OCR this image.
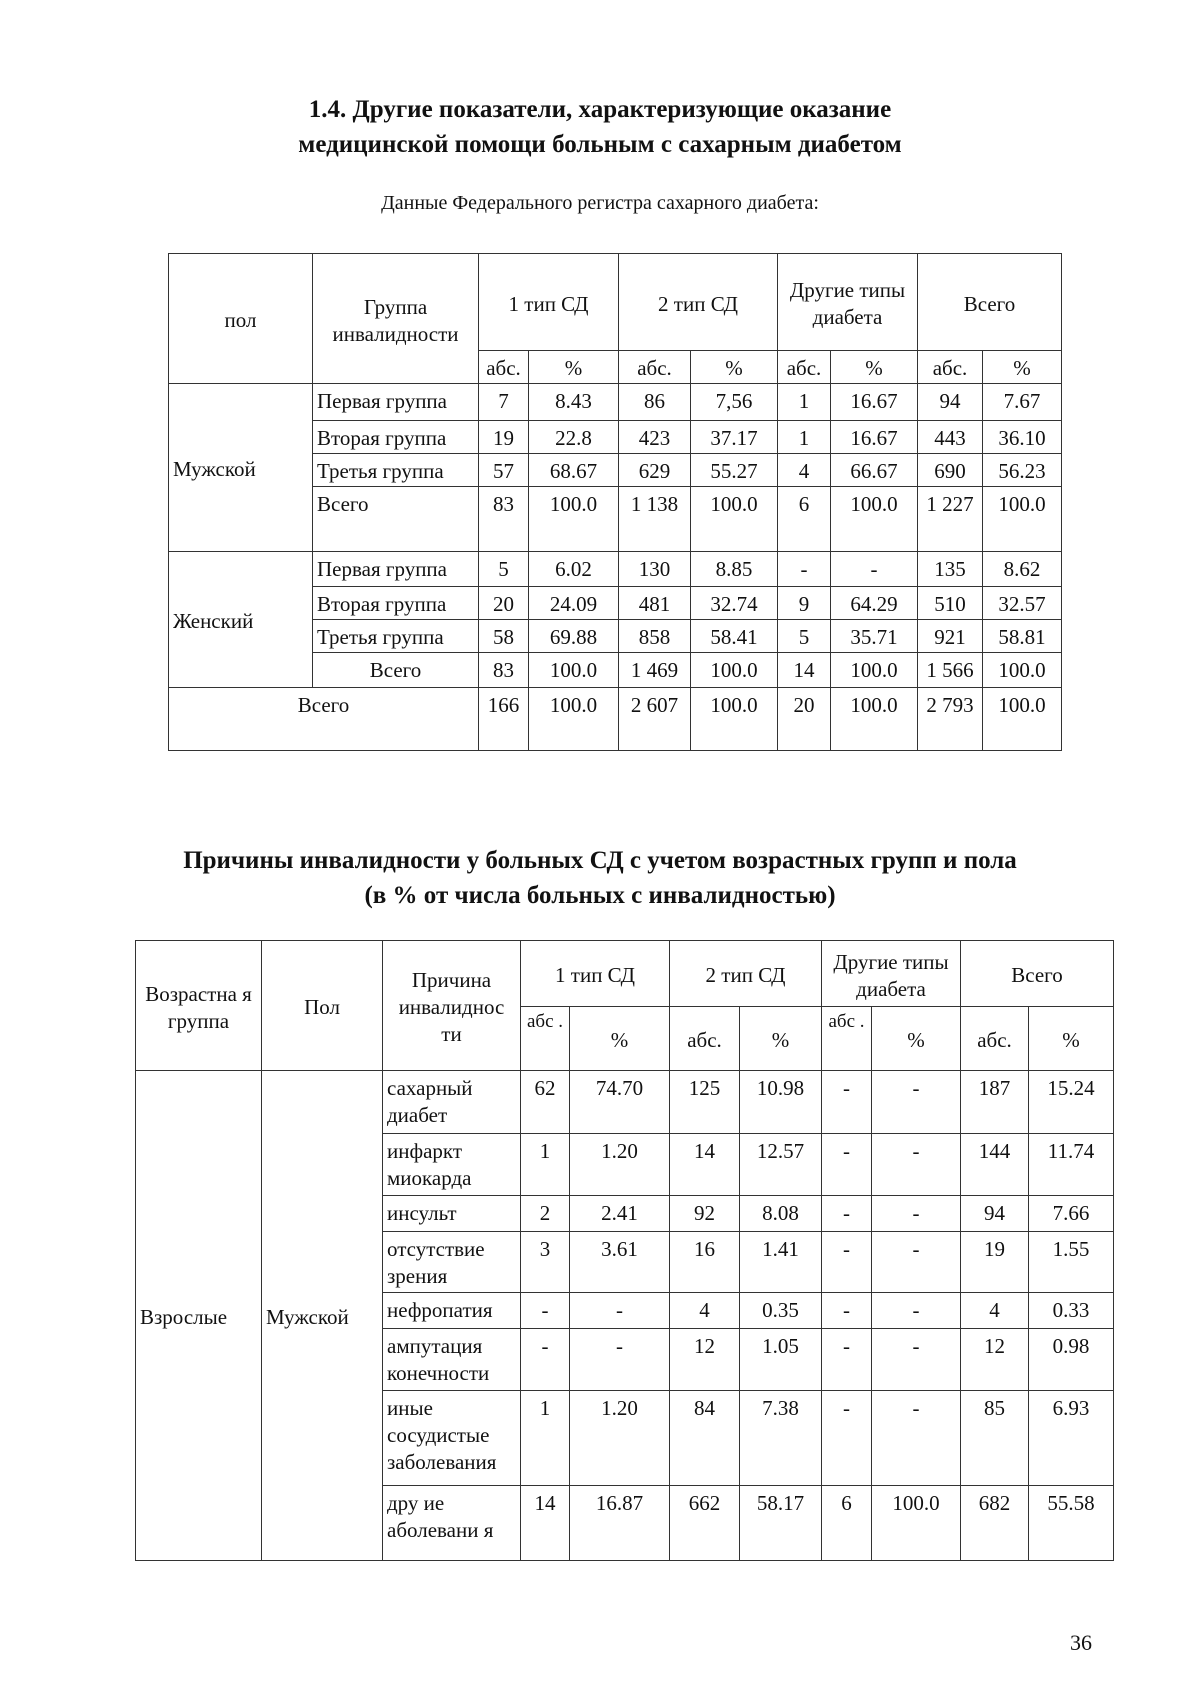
1.4. Другие показатели, характеризующие оказание
медицинской помощи больным с сахарным диабетом

Данные Федерального регистра сахарного диабета:

пол	Группа инвалидности	1 тип СД		2 тип СД		Другие типы диабета		Всего	
		абс.	%	абс.	%	абс.	%	абс.	%
Мужской	Первая группа	7	8.43	86	7,56	1	16.67	94	7.67
	Вторая группа	19	22.8	423	37.17	1	16.67	443	36.10
	Третья группа	57	68.67	629	55.27	4	66.67	690	56.23
	Всего	83	100.0	1 138	100.0	6	100.0	1 227	100.0
Женский	Первая группа	5	6.02	130	8.85	-	-	135	8.62
	Вторая группа	20	24.09	481	32.74	9	64.29	510	32.57
	Третья группа	58	69.88	858	58.41	5	35.71	921	58.81
	Всего	83	100.0	1 469	100.0	14	100.0	1 566	100.0
Всего		166	100.0	2 607	100.0	20	100.0	2 793	100.0
Причины инвалидности у больных СД с учетом возрастных групп и пола
(в % от числа больных с инвалидностью)
Возрастна я группа	Пол	Причина инвалиднос ти	1 тип СД		2 тип СД		Другие типы диабета		Всего	
			абс .	%	абс.	%	абс .	%	абс.	%
Взрослые	Мужской	сахарный диабет	62	74.70	125	10.98	-	-	187	15.24
		инфаркт миокарда	1	1.20	14	12.57	-	-	144	11.74
		инсульт	2	2.41	92	8.08	-	-	94	7.66
		отсутствие зрения	3	3.61	16	1.41	-	-	19	1.55
		нефропатия	-	-	4	0.35	-	-	4	0.33
		ампутация конечности	-	-	12	1.05	-	-	12	0.98
		иные сосудистые заболевания	1	1.20	84	7.38	-	-	85	6.93
		дру ие аболевани я	14	16.87	662	58.17	6	100.0	682	55.58

36
